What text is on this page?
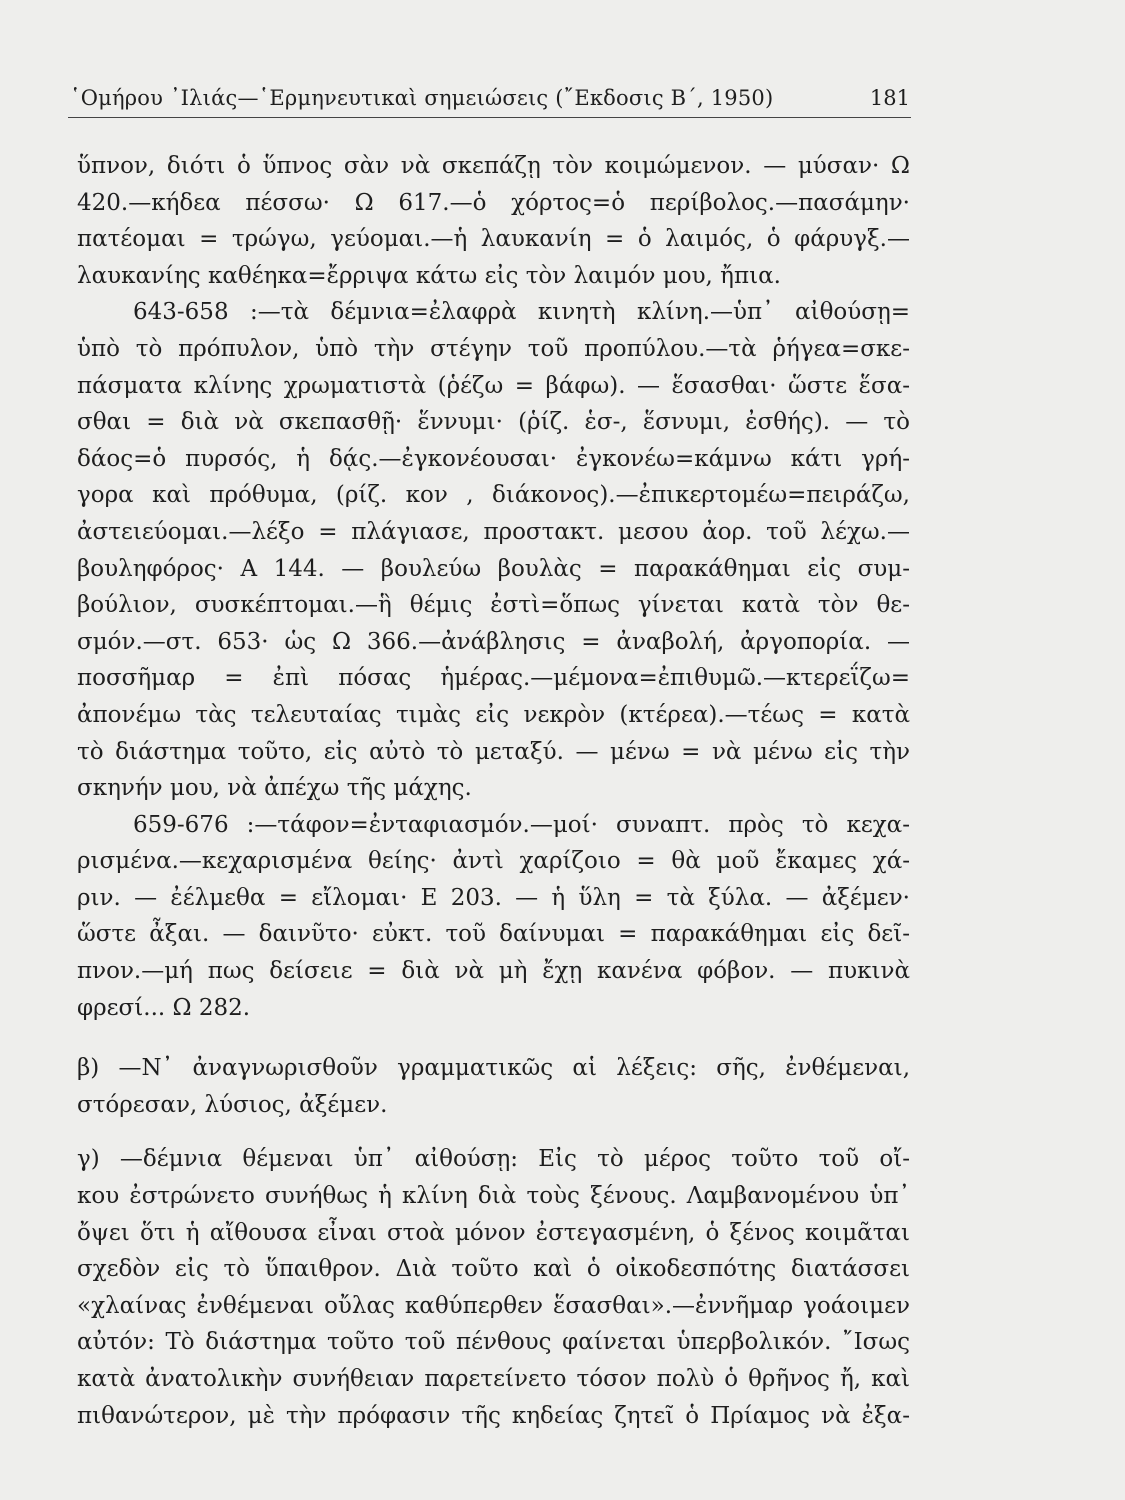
῾Ομήρου ᾿Ιλιάς—῾Ερμηνευτικαὶ σημειώσεις (῎Εκδοσις Β΄, 1950)	181
ὕπνον, διότι ὁ ὕπνος σὰν νὰ σκεπάζῃ τὸν κοιμώμενον. — μύσαν· Ω
420.—κήδεα πέσσω· Ω 617.—ὁ χόρτος=ὁ περίβολος.—πασάμην·
πατέομαι = τρώγω, γεύομαι.—ἡ λαυκανίη = ὁ λαιμός, ὁ φάρυγξ.—
λαυκανίης καθέηκα=ἔρριψα κάτω εἰς τὸν λαιμόν μου, ἤπια.
643-658 :—τὰ δέμνια=ἐλαφρὰ κινητὴ κλίνη.—ὑπ᾿ αἰθούσῃ=
ὑπὸ τὸ πρόπυλον, ὑπὸ τὴν στέγην τοῦ προπύλου.—τὰ ῥήγεα=σκε-
πάσματα κλίνης χρωματιστὰ (ῥέζω = βάφω). — ἕσασθαι· ὥστε ἕσα-
σθαι = διὰ νὰ σκεπασθῇ· ἕννυμι· (ῥίζ. ἑσ-, ἕσνυμι, ἐσθής). — τὸ
δάος=ὁ πυρσός, ἡ δᾴς.—ἐγκονέουσαι· ἐγκονέω=κάμνω κάτι γρή-
γορα καὶ πρόθυμα, (ρίζ. κον , διάκονος).—ἐπικερτομέω=πειράζω,
ἀστειεύομαι.—λέξο = πλάγιασε, προστακτ. μεσου ἀορ. τοῦ λέχω.—
βουληφόρος· Α 144. — βουλεύω βουλὰς = παρακάθημαι εἰς συμ-
βούλιον, συσκέπτομαι.—ἣ θέμις ἐστὶ=ὅπως γίνεται κατὰ τὸν θε-
σμόν.—στ. 653· ὡς Ω 366.—ἀνάβλησις = ἀναβολή, ἀργοπορία. —
ποσσῆμαρ = ἐπὶ πόσας ἡμέρας.—μέμονα=ἐπιθυμῶ.—κτερεΐζω=
ἀπονέμω τὰς τελευταίας τιμὰς εἰς νεκρὸν (κτέρεα).—τέως = κατὰ
τὸ διάστημα τοῦτο, εἰς αὐτὸ τὸ μεταξύ. — μένω = νὰ μένω εἰς τὴν
σκηνήν μου, νὰ ἀπέχω τῆς μάχης.
659-676 :—τάφον=ἐνταφιασμόν.—μοί· συναπτ. πρὸς τὸ κεχα-
ρισμένα.—κεχαρισμένα θείης· ἀντὶ χαρίζοιο = θὰ μοῦ ἔκαμες χά-
ριν. — ἐέλμεθα = εἴλομαι· Ε 203. — ἡ ὕλη = τὰ ξύλα. — ἀξέμεν·
ὥστε ἆξαι. — δαινῦτο· εὐκτ. τοῦ δαίνυμαι = παρακάθημαι εἰς δεῖ-
πνον.—μή πως δείσειε = διὰ νὰ μὴ ἔχῃ κανένα φόβον. — πυκινὰ
φρεσί... Ω 282.
β) —Ν᾿ ἀναγνωρισθοῦν γραμματικῶς αἱ λέξεις: σῆς, ἐνθέμεναι,
στόρεσαν, λύσιος, ἀξέμεν.
γ) —δέμνια θέμεναι ὑπ᾿ αἰθούσῃ: Εἰς τὸ μέρος τοῦτο τοῦ οἴ-
κου ἐστρώνετο συνήθως ἡ κλίνη διὰ τοὺς ξένους. Λαμβανομένου ὑπ᾿
ὄψει ὅτι ἡ αἴθουσα εἶναι στοὰ μόνον ἐστεγασμένη, ὁ ξένος κοιμᾶται
σχεδὸν εἰς τὸ ὕπαιθρον. Διὰ τοῦτο καὶ ὁ οἰκοδεσπότης διατάσσει
«χλαίνας ἐνθέμεναι οὔλας καθύπερθεν ἕσασθαι».—ἐννῆμαρ γοάοιμεν
αὐτόν: Τὸ διάστημα τοῦτο τοῦ πένθους φαίνεται ὑπερβολικόν. ῎Ισως
κατὰ ἀνατολικὴν συνήθειαν παρετείνετο τόσον πολὺ ὁ θρῆνος ἤ, καὶ
πιθανώτερον, μὲ τὴν πρόφασιν τῆς κηδείας ζητεῖ ὁ Πρίαμος νὰ ἐξα-
